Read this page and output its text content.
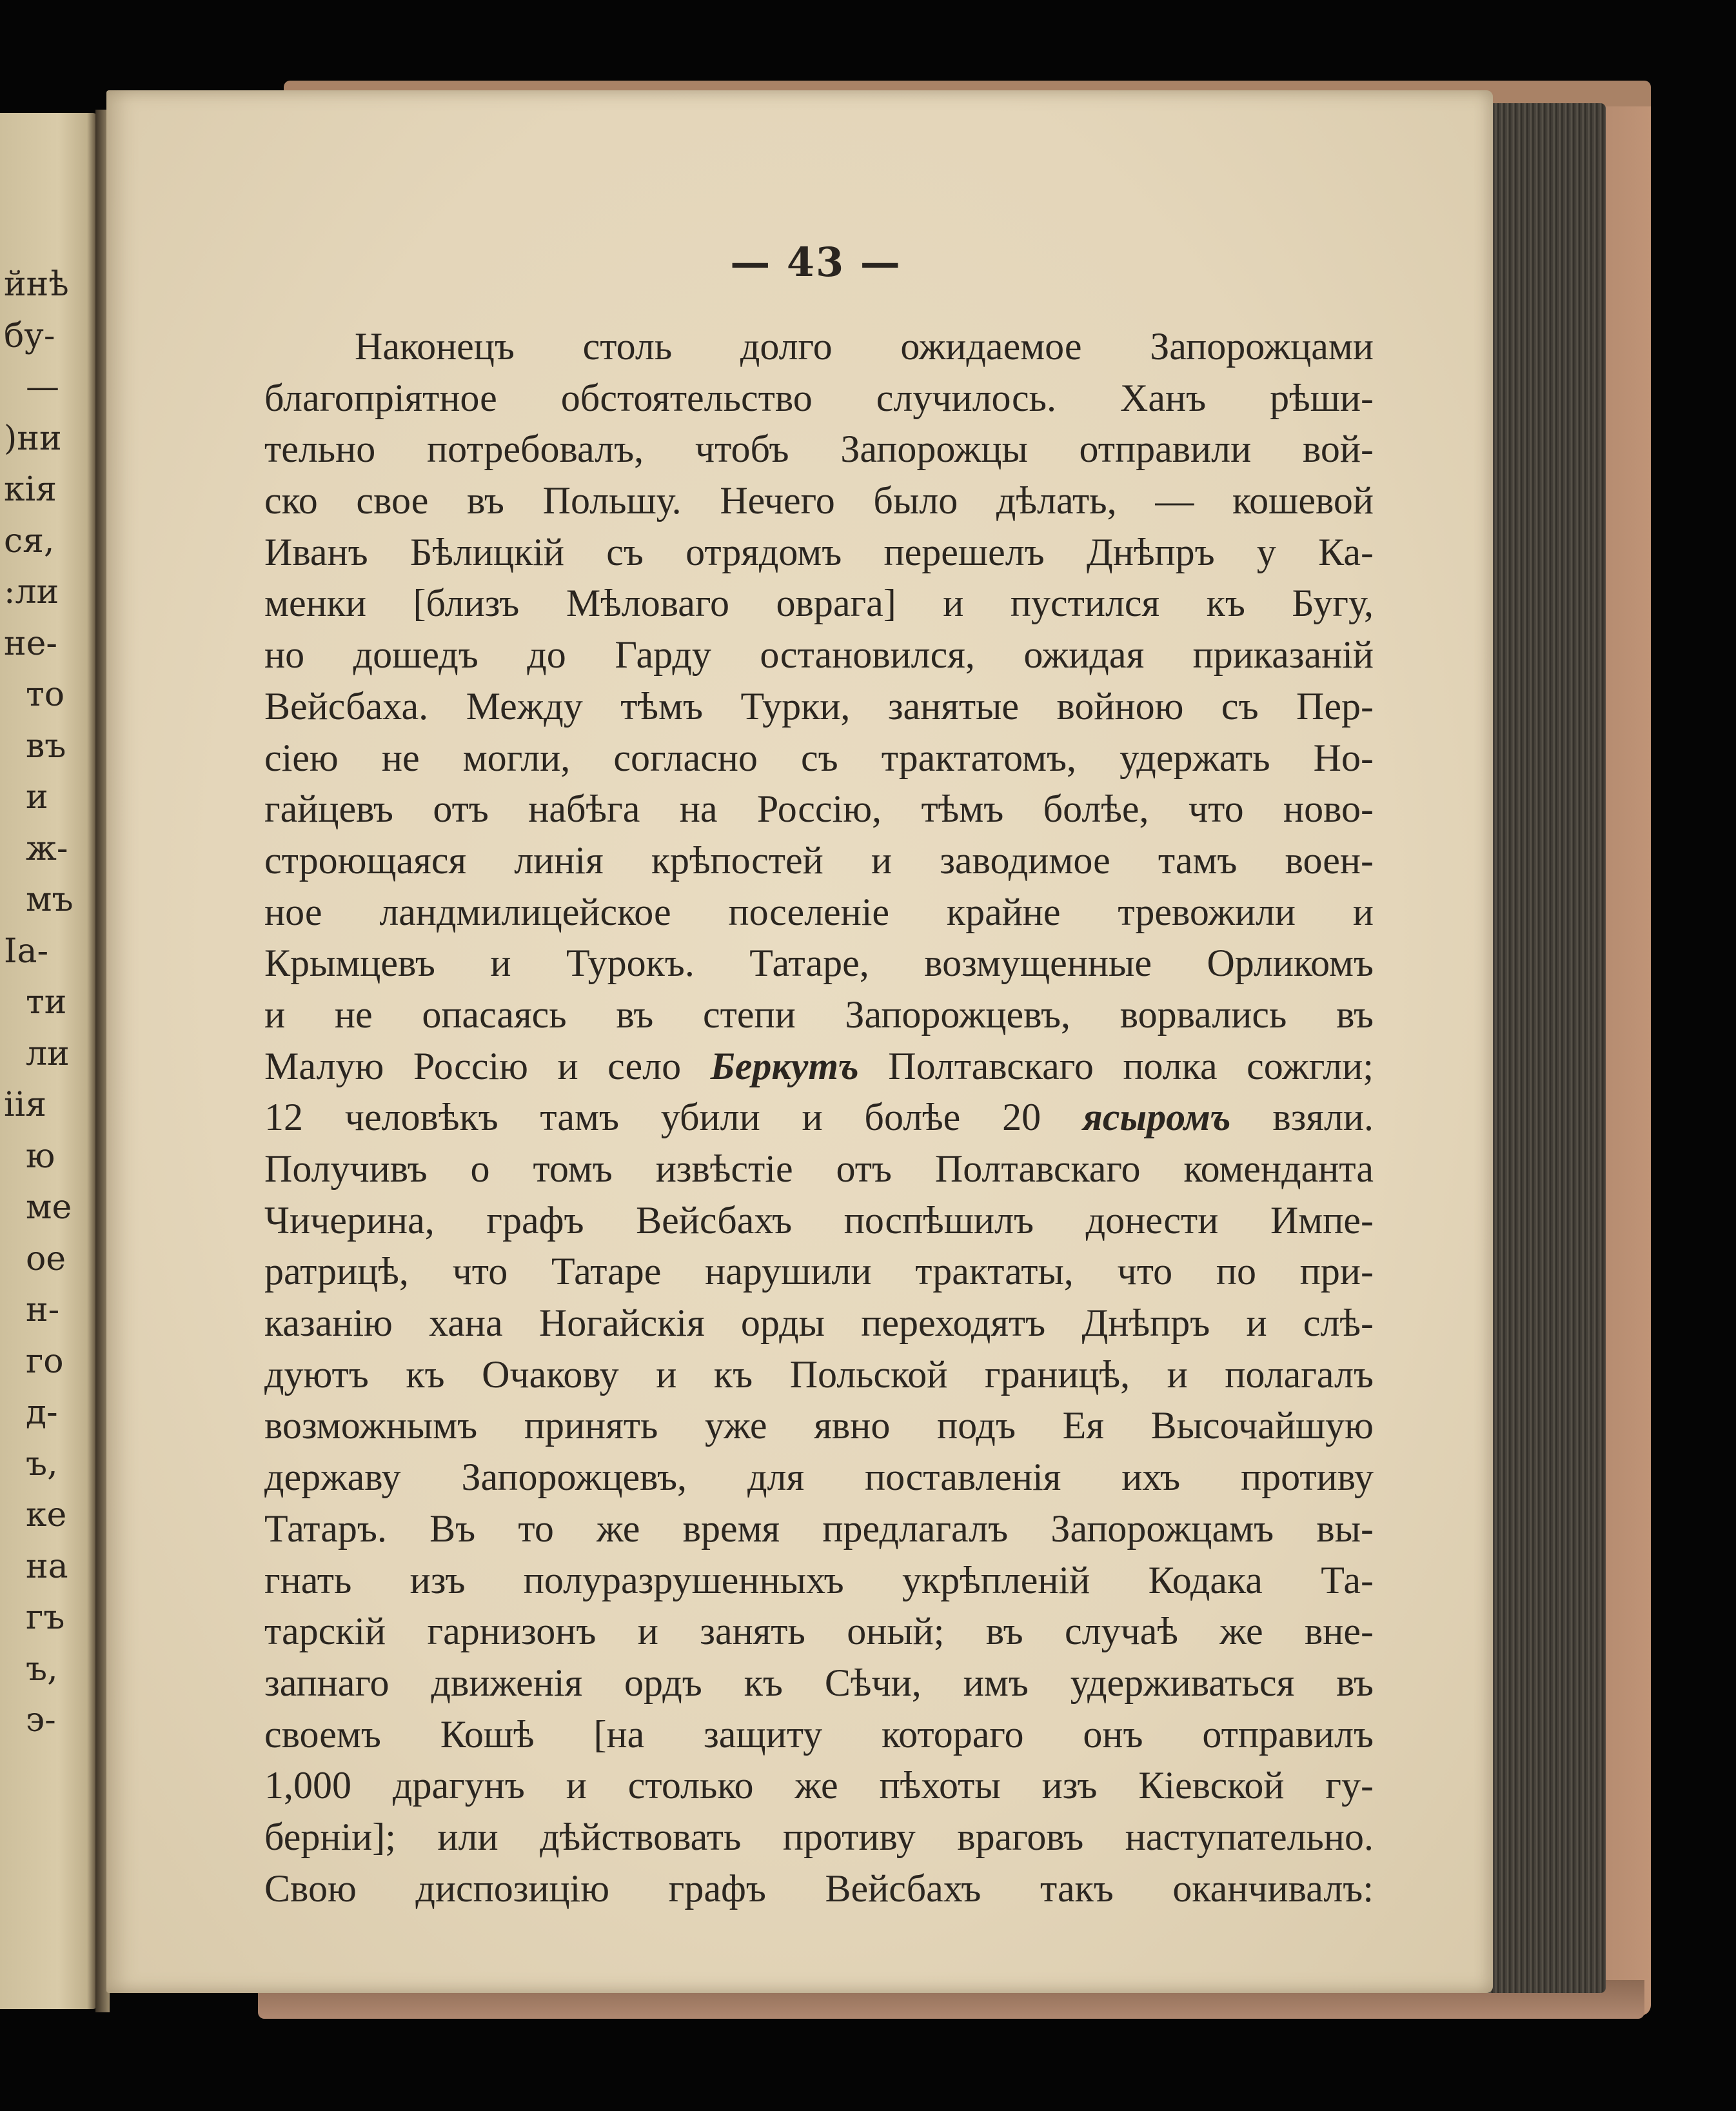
йнѣ
бу-
—
)ни
кія
ся,
:ли
не-
то
въ
и
ж-
мъ
Iа-
ти
ли
iія
ю
ме
ое
н-
го
д-
ъ,
ке
на
гъ
ъ,
э-
— 43 —
Наконецъ столь долго ожидаемое Запорожцами
благопріятное обстоятельство случилось. Ханъ рѣши-
тельно потребовалъ, чтобъ Запорожцы отправили вой-
ско свое въ Польшу. Нечего было дѣлать, — кошевой
Иванъ Бѣлицкій съ отрядомъ перешелъ Днѣпръ у Ка-
менки [близъ Мѣловаго оврага] и пустился къ Бугу,
но дошедъ до Гарду остановился, ожидая приказаній
Вейсбаха. Между тѣмъ Турки, занятые войною съ Пер-
сіею не могли, согласно съ трактатомъ, удержать Но-
гайцевъ отъ набѣга на Россію, тѣмъ болѣе, что ново-
строющаяся линія крѣпостей и заводимое тамъ воен-
ное ландмилицейское поселеніе крайне тревожили и
Крымцевъ и Турокъ. Татаре, возмущенные Орликомъ
и не опасаясь въ степи Запорожцевъ, ворвались въ
Малую Россію и село Беркутъ Полтавскаго полка сожгли;
12 человѣкъ тамъ убили и болѣе 20 ясыромъ взяли.
Получивъ о томъ извѣстіе отъ Полтавскаго коменданта
Чичерина, графъ Вейсбахъ поспѣшилъ донести Импе-
ратрицѣ, что Татаре нарушили трактаты, что по при-
казанію хана Ногайскія орды переходятъ Днѣпръ и слѣ-
дуютъ къ Очакову и къ Польской границѣ, и полагалъ
возможнымъ принять уже явно подъ Ея Высочайшую
державу Запорожцевъ, для поставленія ихъ противу
Татаръ. Въ то же время предлагалъ Запорожцамъ вы-
гнать изъ полуразрушенныхъ укрѣпленій Кодака Та-
тарскій гарнизонъ и занять оный; въ случаѣ же вне-
запнаго движенія ордъ къ Сѣчи, имъ удерживаться въ
своемъ Кошѣ [на защиту котораго онъ отправилъ
1,000 драгунъ и столько же пѣхоты изъ Кіевской гу-
берніи]; или дѣйствовать противу враговъ наступательно.
Свою диспозицію графъ Вейсбахъ такъ оканчивалъ:
